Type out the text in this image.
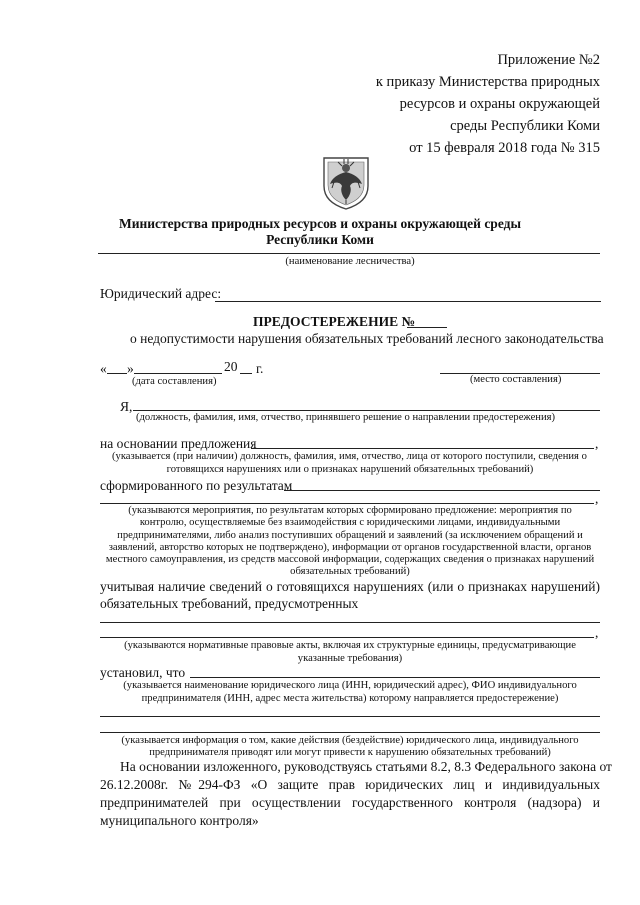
Приложение №2
к приказу Министерства природных
ресурсов и охраны окружающей
среды Республики Коми
от 15 февраля 2018 года № 315
Министерства природных ресурсов и охраны окружающей среды
Республики Коми
(наименование лесничества)
Юридический адрес:
ПРЕДОСТЕРЕЖЕНИЕ №
о недопустимости нарушения обязательных требований лесного законодательства
« »	20 г.
(дата составления)	(место составления)
Я,
(должность, фамилия, имя, отчество, принявшего решение о направлении предостережения)
на основании предложения	,
(указывается (при наличии) должность, фамилия, имя, отчество, лица от которого поступили, сведения о
готовящихся нарушениях или о признаках нарушений обязательных требований)
сформированного по результатам
,
(указываются мероприятия, по результатам которых сформировано предложение: мероприятия по
контролю, осуществляемые без взаимодействия с юридическими лицами, индивидуальными
предпринимателями, либо анализ поступивших обращений и заявлений (за исключением обращений и
заявлений, авторство которых не подтверждено), информации от органов государственной власти, органов
местного самоуправления, из средств массовой информации, содержащих сведения о признаках нарушений
обязательных требований)
учитывая наличие сведений о готовящихся нарушениях (или о признаках нарушений)
обязательных требований, предусмотренных
,
(указываются нормативные правовые акты, включая их структурные единицы, предусматривающие
указанные требования)
установил, что
(указывается наименование юридического лица (ИНН, юридический адрес), ФИО индивидуального
предпринимателя (ИНН, адрес места жительства) которому направляется предостережение)
(указывается информация о том, какие действия (бездействие) юридического лица, индивидуального
предпринимателя приводят или могут привести к нарушению обязательных требований)
На основании изложенного, руководствуясь статьями 8.2, 8.3 Федерального закона от
26.12.2008г. №294-ФЗ «О защите прав юридических лиц и индивидуальных
предпринимателей при осуществлении государственного контроля (надзора) и
муниципального контроля»
